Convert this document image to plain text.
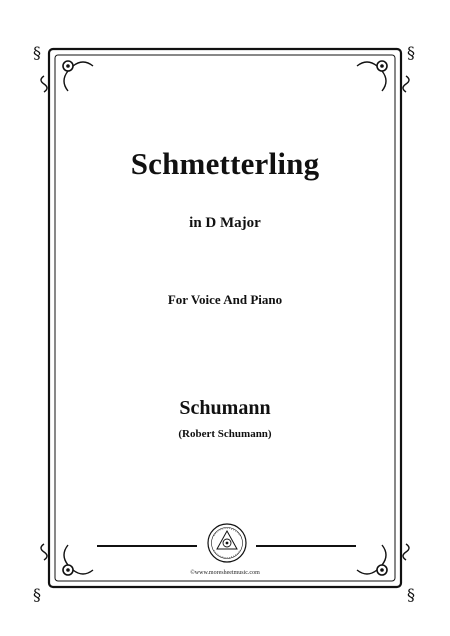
§	§
§	§
Schmetterling
in D Major
For Voice And Piano
Schumann
(Robert Schumann)
©www.moresheetmusic.com
